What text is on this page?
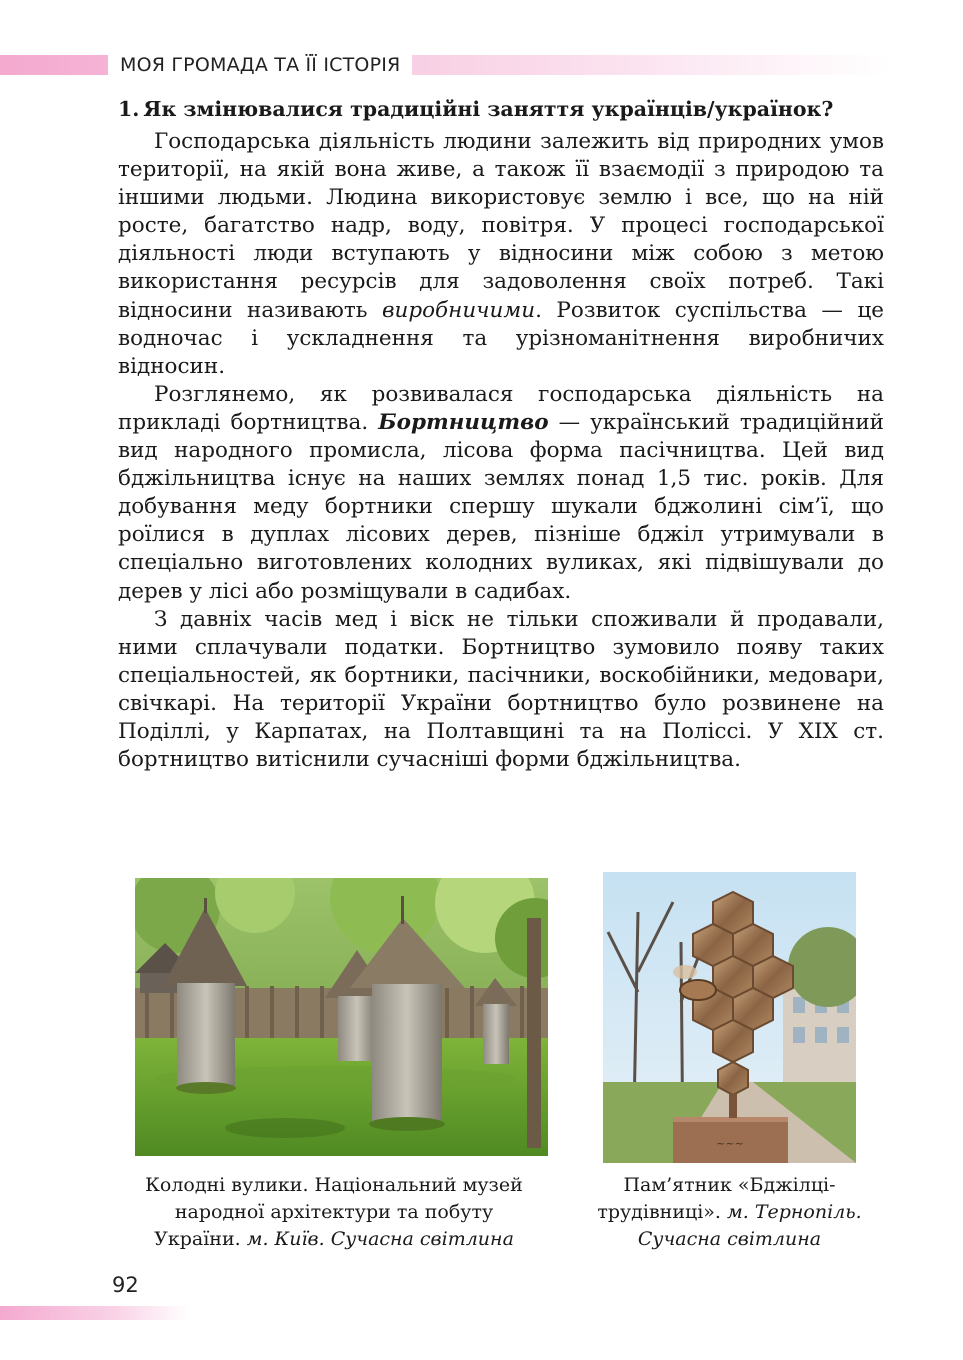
МОЯ ГРОМАДА ТА ЇЇ ІСТОРІЯ
1. Як змінювалися традиційні заняття українців/українок?

Господарська діяльність людини залежить від природних умов території, на якій вона живе, а також її взаємодії з природою та іншими людьми. Людина використовує землю і все, що на ній росте, багатство надр, воду, повітря. У процесі господарської діяльності люди вступають у відносини між собою з метою використання ресурсів для задоволення своїх потреб. Такі відносини називають виробничими. Розвиток суспільства — це водночас і ускладнення та урізноманітнення виробничих відносин.

Розглянемо, як розвивалася господарська діяльність на прикладі бортництва. Бортництво — український традиційний вид народного промисла, лісова форма пасічництва. Цей вид бджільництва існує на наших землях понад 1,5 тис. років. Для добування меду бортники спершу шукали бджолині сім’ї, що роїлися в дуплах лісових дерев, пізніше бджіл утримували в спеціально виготовлених колодних вуликах, які підвішували до дерев у лісі або розміщували в садибах.

З давніх часів мед і віск не тільки споживали й продавали, ними сплачували податки. Бортництво зумовило появу таких спеціальностей, як бортники, пасічники, воскобійники, медовари, свічкарі. На території України бортництво було розвинене на Поділлі, у Карпатах, на Полтавщині та на Поліссі. У XIX ст. бортництво витіснили сучасніші форми бджільництва.

~~~
Колодні вулики. Національний музей
народної архітектури та побуту
України. м. Київ. Сучасна світлина
Пам’ятник «Бджілці-
трудівниці». м. Тернопіль.
Сучасна світлина
92
